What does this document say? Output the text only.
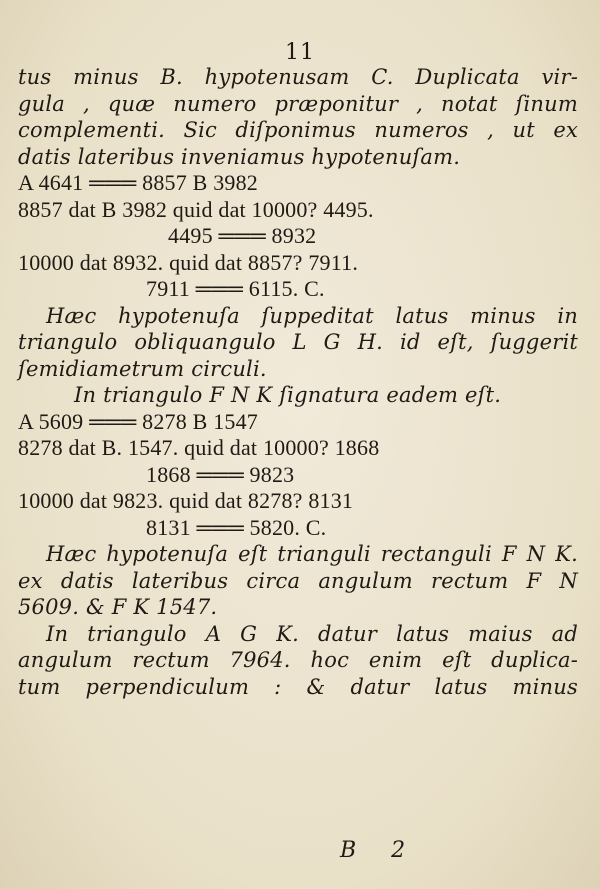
11
tus minus B. hypotenusam C. Duplicata vir-
gula , quæ numero præponitur , notat ſinum
complementi. Sic diſponimus numeros , ut ex
datis lateribus inveniamus hypotenuſam.
A 4641 ═══ 8857 B 3982
8857 dat B 3982 quid dat 10000? 4495.
4495 ═══ 8932
10000 dat 8932. quid dat 8857? 7911.
7911 ═══ 6115. C.
Hæc hypotenuſa ſuppeditat latus minus in
triangulo obliquangulo L G H. id eſt, ſuggerit
ſemidiametrum circuli.
In triangulo F N K ſignatura eadem eſt.
A 5609 ═══ 8278 B 1547
8278 dat B. 1547. quid dat 10000? 1868
1868 ═══ 9823
10000 dat 9823. quid dat 8278? 8131
8131 ═══ 5820. C.
Hæc hypotenuſa eſt trianguli rectanguli F N K.
ex datis lateribus circa angulum rectum F N
5609. & F K 1547.
In triangulo A G K. datur latus maius ad
angulum rectum 7964. hoc enim eſt duplica-
tum perpendiculum : & datur latus minus
B 2
